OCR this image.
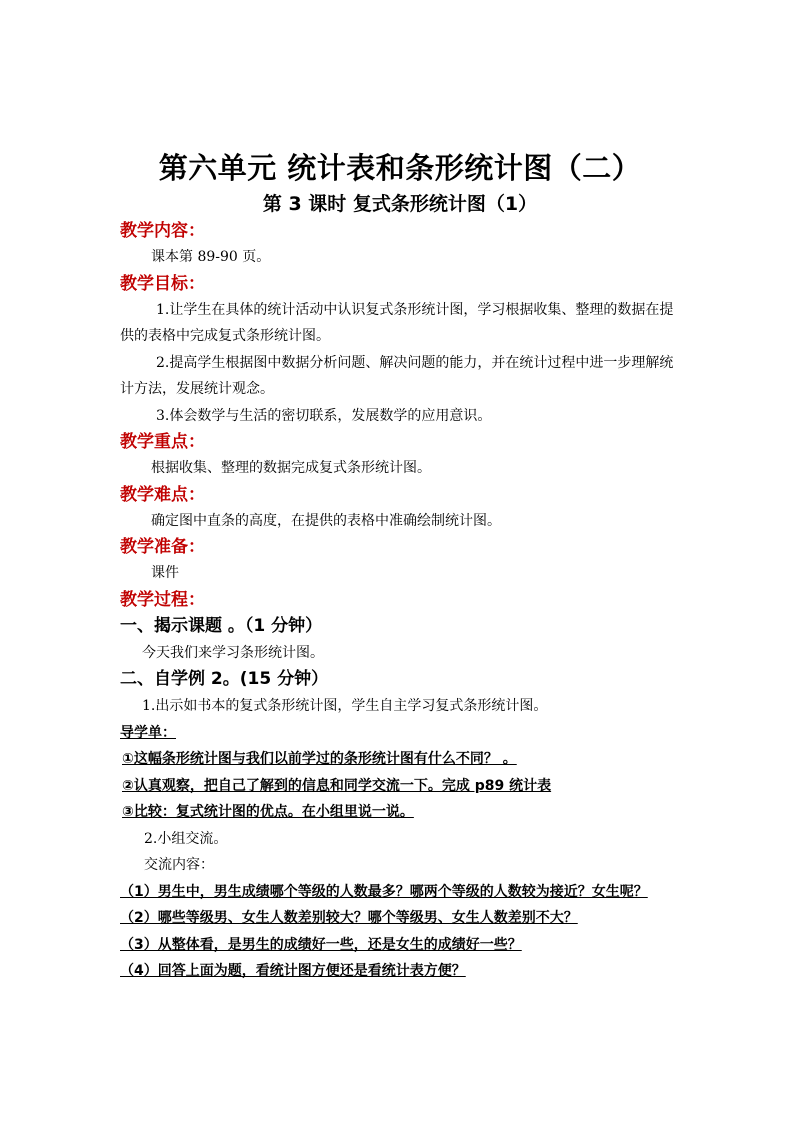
第六单元 统计表和条形统计图（二）
第 3 课时 复式条形统计图（1）
教学内容：
课本第 89-90 页。
教学目标：
1.让学生在具体的统计活动中认识复式条形统计图，学习根据收集、整理的数据在提供的表格中完成复式条形统计图。
2.提高学生根据图中数据分析问题、解决问题的能力，并在统计过程中进一步理解统计方法，发展统计观念。
3.体会数学与生活的密切联系，发展数学的应用意识。
教学重点：
根据收集、整理的数据完成复式条形统计图。
教学难点：
确定图中直条的高度，在提供的表格中准确绘制统计图。
教学准备：
课件
教学过程：
一、揭示课题 。（1 分钟）
今天我们来学习条形统计图。
二、自学例 2。(15 分钟）
1.出示如书本的复式条形统计图，学生自主学习复式条形统计图。
导学单：
①这幅条形统计图与我们以前学过的条形统计图有什么不同？ 。
②认真观察，把自己了解到的信息和同学交流一下。完成 p89 统计表
③比较：复式统计图的优点。在小组里说一说。
2.小组交流。
交流内容：
（1）男生中，男生成绩哪个等级的人数最多？哪两个等级的人数较为接近？女生呢？
（2）哪些等级男、女生人数差别较大？哪个等级男、女生人数差别不大？
（3）从整体看，是男生的成绩好一些，还是女生的成绩好一些？
（4）回答上面为题，看统计图方便还是看统计表方便？
